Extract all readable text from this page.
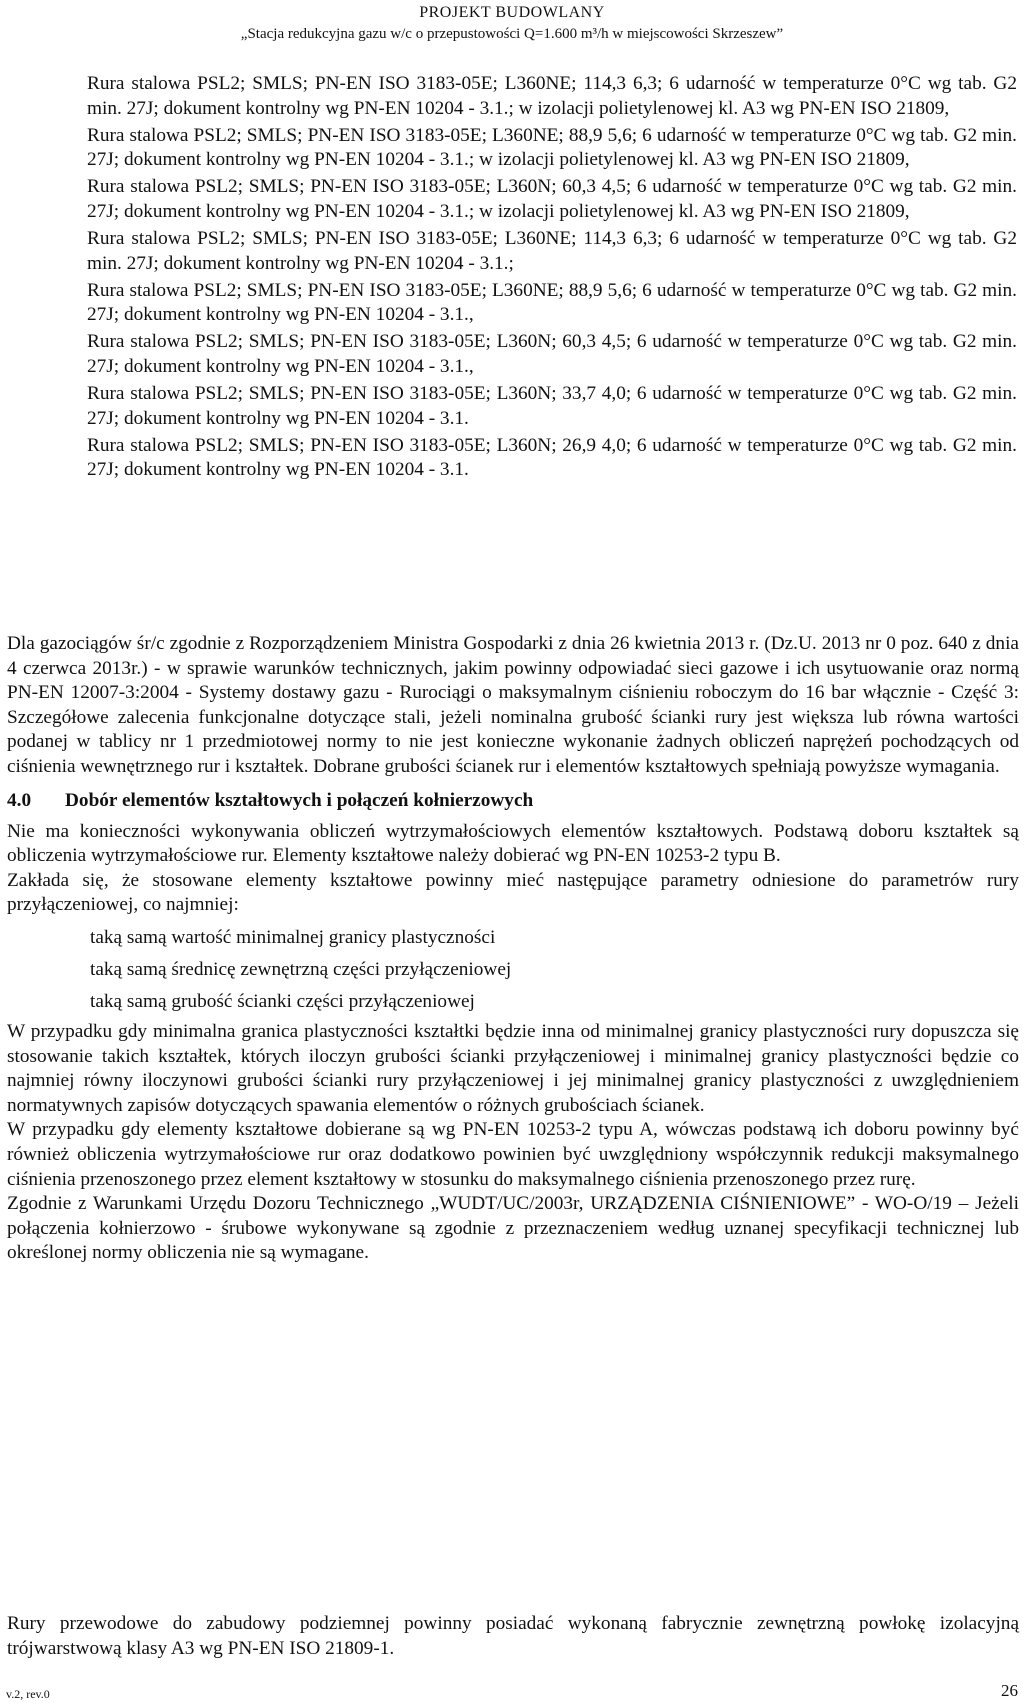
PROJEKT BUDOWLANY
„Stacja redukcyjna gazu w/c o przepustowości Q=1.600 m³/h w miejscowości Skrzeszew”

Rura stalowa PSL2; SMLS; PN-EN ISO 3183-05E; L360NE; 114,3 6,3; 6 udarność w temperaturze 0°C wg tab. G2 min. 27J; dokument kontrolny wg PN-EN 10204 - 3.1.; w izolacji polietylenowej kl. A3 wg PN-EN ISO 21809,

Rura stalowa PSL2; SMLS; PN-EN ISO 3183-05E; L360NE; 88,9 5,6; 6 udarność w temperaturze 0°C wg tab. G2 min. 27J; dokument kontrolny wg PN-EN 10204 - 3.1.; w izolacji polietylenowej kl. A3 wg PN-EN ISO 21809,

Rura stalowa PSL2; SMLS; PN-EN ISO 3183-05E; L360N; 60,3 4,5; 6 udarność w temperaturze 0°C wg tab. G2 min. 27J; dokument kontrolny wg PN-EN 10204 - 3.1.; w izolacji polietylenowej kl. A3 wg PN-EN ISO 21809,

Rura stalowa PSL2; SMLS; PN-EN ISO 3183-05E; L360NE; 114,3 6,3; 6 udarność w temperaturze 0°C wg tab. G2 min. 27J; dokument kontrolny wg PN-EN 10204 - 3.1.;

Rura stalowa PSL2; SMLS; PN-EN ISO 3183-05E; L360NE; 88,9 5,6; 6 udarność w temperaturze 0°C wg tab. G2 min. 27J; dokument kontrolny wg PN-EN 10204 - 3.1.,

Rura stalowa PSL2; SMLS; PN-EN ISO 3183-05E; L360N; 60,3 4,5; 6 udarność w temperaturze 0°C wg tab. G2 min. 27J; dokument kontrolny wg PN-EN 10204 - 3.1.,

Rura stalowa PSL2; SMLS; PN-EN ISO 3183-05E; L360N; 33,7 4,0; 6 udarność w temperaturze 0°C wg tab. G2 min. 27J; dokument kontrolny wg PN-EN 10204 - 3.1.

Rura stalowa PSL2; SMLS; PN-EN ISO 3183-05E; L360N; 26,9 4,0; 6 udarność w temperaturze 0°C wg tab. G2 min. 27J; dokument kontrolny wg PN-EN 10204 - 3.1.

Dla gazociągów śr/c zgodnie z Rozporządzeniem Ministra Gospodarki z dnia 26 kwietnia 2013 r. (Dz.U. 2013 nr 0 poz. 640 z dnia 4 czerwca 2013r.) - w sprawie warunków technicznych, jakim powinny odpowiadać sieci gazowe i ich usytuowanie oraz normą PN-EN 12007-3:2004 - Systemy dostawy gazu - Rurociągi o maksymalnym ciśnieniu roboczym do 16 bar włącznie - Część 3: Szczegółowe zalecenia funkcjonalne dotyczące stali, jeżeli nominalna grubość ścianki rury jest większa lub równa wartości podanej w tablicy nr 1 przedmiotowej normy to nie jest konieczne wykonanie żadnych obliczeń naprężeń pochodzących od ciśnienia wewnętrznego rur i kształtek. Dobrane grubości ścianek rur i elementów kształtowych spełniają powyższe wymagania.

4.0	Dobór elementów kształtowych i połączeń kołnierzowych

Nie ma konieczności wykonywania obliczeń wytrzymałościowych elementów kształtowych. Podstawą doboru kształtek są obliczenia wytrzymałościowe rur. Elementy kształtowe należy dobierać wg PN-EN 10253-2 typu B.

Zakłada się, że stosowane elementy kształtowe powinny mieć następujące parametry odniesione do parametrów rury przyłączeniowej, co najmniej:

taką samą wartość minimalnej granicy plastyczności
taką samą średnicę zewnętrzną części przyłączeniowej
taką samą grubość ścianki części przyłączeniowej

W przypadku gdy minimalna granica plastyczności kształtki będzie inna od minimalnej granicy plastyczności rury dopuszcza się stosowanie takich kształtek, których iloczyn grubości ścianki przyłączeniowej i minimalnej granicy plastyczności będzie co najmniej równy iloczynowi grubości ścianki rury przyłączeniowej i jej minimalnej granicy plastyczności z uwzględnieniem normatywnych zapisów dotyczących spawania elementów o różnych grubościach ścianek.

W przypadku gdy elementy kształtowe dobierane są wg PN-EN 10253-2 typu A, wówczas podstawą ich doboru powinny być również obliczenia wytrzymałościowe rur oraz dodatkowo powinien być uwzględniony współczynnik redukcji maksymalnego ciśnienia przenoszonego przez element kształtowy w stosunku do maksymalnego ciśnienia przenoszonego przez rurę.

Zgodnie z Warunkami Urzędu Dozoru Technicznego „WUDT/UC/2003r, URZĄDZENIA CIŚNIENIOWE” - WO-O/19 – Jeżeli połączenia kołnierzowo - śrubowe wykonywane są zgodnie z przeznaczeniem według uznanej specyfikacji technicznej lub określonej normy obliczenia nie są wymagane.

Rury przewodowe do zabudowy podziemnej powinny posiadać wykonaną fabrycznie zewnętrzną powłokę izolacyjną trójwarstwową klasy A3 wg PN-EN ISO 21809-1.

v.2, rev.0	26
